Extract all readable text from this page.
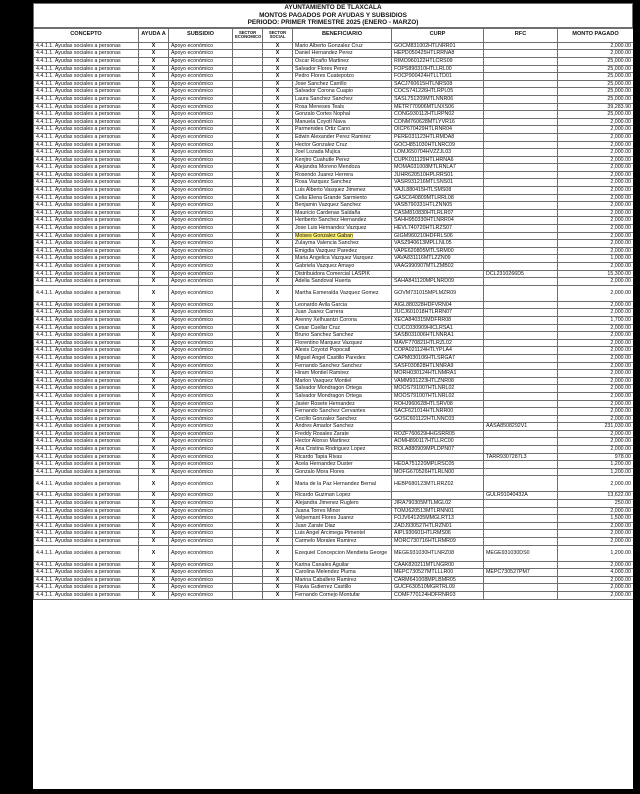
AYUNTAMIENTO DE TLAXCALA
MONTOS PAGADOS POR AYUDAS Y SUBSIDIOS
PERIODO: PRIMER TRIMESTRE 2025 (ENERO - MARZO)
CONCEPTO	AYUDA A	SUBSIDIO	SECTOR ECONOMICO	SECTOR SOCIAL	BENEFICIARIO	CURP	RFC	MONTO PAGADO
4.4.1.1. Ayudas sociales a personas	X	Apoyo económico		X	Mario Alberto Gonzalez Cruz	GOCM831002HTLNRR01		2,000.00
4.4.1.1. Ayudas sociales a personas	X	Apoyo económico		X	Daniel Hernandez Perez	HEPD050425HTLRRNA8		2,000.00
4.4.1.1. Ayudas sociales a personas	X	Apoyo económico		X	Oscar Ricaño Martinez	RIMO960122HTLCRS09		25,000.00
4.4.1.1. Ayudas sociales a personas	X	Apoyo económico		X	Salvador Flores Perez	FOPS890310HTLLRL00		25,000.00
4.4.1.1. Ayudas sociales a personas	X	Apoyo económico		X	Pedro Flores Cuatepotzo	FOCP900424HTLLTD01		25,000.00
4.4.1.1. Ayudas sociales a personas	X	Apoyo económico		X	Jose Sanchez Carrillo	SACJ760615HTLNRS08		25,000.00
4.4.1.1. Ayudas sociales a personas	X	Apoyo económico		X	Salvador Corona Cuapio	COCS741226HTLRPL05		25,000.00
4.4.1.1. Ayudas sociales a personas	X	Apoyo económico		X	Laura Sanchez Sanchez	SASL751209MTLNNR06		25,000.00
4.4.1.1. Ayudas sociales a personas	X	Apoyo económico		X	Rosa Meneses Teals	METR770906MTLNXS06		39,283.90
4.4.1.1. Ayudas sociales a personas	X	Apoyo económico		X	Gonzalo Cortes Nophal	CONG930112HTLRPN02		25,000.00
4.4.1.1. Ayudas sociales a personas	X	Apoyo económico		X	Manuela Coyotl Nava	CONM760628MTLYVR16		2,000.00
4.4.1.1. Ayudas sociales a personas	X	Apoyo económico		X	Parmenides Ortiz Cano	OICP670429HTLRNR04		2,000.00
4.4.1.1. Ayudas sociales a personas	X	Apoyo económico		X	Edwin Alexander Perez Ramirez	PERE031123HTLRMDA8		2,000.00
4.4.1.1. Ayudas sociales a personas	X	Apoyo económico		X	Hector Gonzalez Cruz	GOCH851030HTLNRC09		2,000.00
4.4.1.1. Ayudas sociales a personas	X	Apoyo económico		X	Joel Lozada Mujica	LOMJ650704HVZZJL03		2,000.00
4.4.1.1. Ayudas sociales a personas	X	Apoyo económico		X	Kenjiro Cuahutle Perez	CUPK011129HTLHRNA6		2,000.00
4.4.1.1. Ayudas sociales a personas	X	Apoyo económico		X	Alejandra Moreno Mendoza	MOMA031008MTLRNLA7		2,000.00
4.4.1.1. Ayudas sociales a personas	X	Apoyo económico		X	Rosendo Juarez Herrera	JUHR620510HPLRRS01		2,000.00
4.4.1.1. Ayudas sociales a personas	X	Apoyo económico		X	Rosa Vazquez Sanchez	VASR931216MTLSNS01		2,000.00
4.4.1.1. Ayudas sociales a personas	X	Apoyo económico		X	Luis Alberto Vasquez Jimenez	VAJL880415HTLSMS08		2,000.00
4.4.1.1. Ayudas sociales a personas	X	Apoyo económico		X	Celia Elena Grande Sarmiento	GASC640809MTLRRL08		2,000.00
4.4.1.1. Ayudas sociales a personas	X	Apoyo económico		X	Benjamin Vazquez Sanchez	VASB790331HTLZNN05		2,000.00
4.4.1.1. Ayudas sociales a personas	X	Apoyo económico		X	Mauricio Cardenas Saldaña	CASM810830HTLRLR07		2,000.00
4.4.1.1. Ayudas sociales a personas	X	Apoyo económico		X	Heriberto Sanchez Hernandez	SAHH950330HTLNRR04		2,000.00
4.4.1.1. Ayudas sociales a personas	X	Apoyo económico		X	Jose Luis Hernandez Vazquez	HEVL740720HTLRZS07		2,000.00
4.4.1.1. Ayudas sociales a personas	X	Apoyo económico		X	Moises Gonzalez Gaban	GIGM960210HDFRLS06		2,000.00
4.4.1.1. Ayudas sociales a personas	X	Apoyo económico		X	Zulayma Valencia Sanchez	VASZ940613MPLLNL05		2,000.00
4.4.1.1. Ayudas sociales a personas	X	Apoyo económico		X	Emigdia Vazquez Paredez	VAPE620805MTLSRM00		2,000.00
4.4.1.1. Ayudas sociales a personas	X	Apoyo económico		X	Maria Angelica Vazquez Vazquez	VAVA831116MTLZZN09		1,000.00
4.4.1.1. Ayudas sociales a personas	X	Apoyo económico		X	Gabriela Vazquez Amayo	VAAG990907MTLZMB02		2,000.00
4.4.1.1. Ayudas sociales a personas	X	Apoyo económico		X	Distribuidora Comercial LASPIK		DCL2310266D5	15,300.00
4.4.1.1. Ayudas sociales a personas	X	Apoyo económico		X	Adelia Sandoval Huerta	SAHA841120MPLNRD09		2,000.00
4.4.1.1. Ayudas sociales a personas	X	Apoyo económico		X	Martha Esmeralda Vazquez Gomez	GOVM731015MPLMZR09		2,000.00
4.4.1.1. Ayudas sociales a personas	X	Apoyo económico		X	Leonardo Avila Garcia	AIGL880328HDFVRN04		2,000.00
4.4.1.1. Ayudas sociales a personas	X	Apoyo económico		X	Juan Juarez Carrera	JUCJ601018HTLRRN07		2,000.00
4.4.1.1. Ayudas sociales a personas	X	Apoyo económico		X	Arenny Xelhuantzi Corona	XECA840315MDFRR08		1,700.00
4.4.1.1. Ayudas sociales a personas	X	Apoyo económico		X	Cesar Cuellar Cruz	CUCC030909HICLRSA1		2,000.00
4.4.1.1. Ayudas sociales a personas	X	Apoyo económico		X	Bruno Sanchez Sanchez	SASB031006HTLNNRA1		2,000.00
4.4.1.1. Ayudas sociales a personas	X	Apoyo económico		X	Florentino Marquez Vazquez	MAVF770821HTLRZL02		2,000.00
4.4.1.1. Ayudas sociales a personas	X	Apoyo económico		X	Alexis Coyotzi Popocatl	COPA021124HTLYPLA4		2,000.00
4.4.1.1. Ayudas sociales a personas	X	Apoyo económico		X	Miguel Angel Castillo Paredes	CAPM030106HTLSRGA7		2,000.00
4.4.1.1. Ayudas sociales a personas	X	Apoyo económico		X	Fernando Sanchez Sanchez	SASF030828HTLNNRA9		2,000.00
4.4.1.1. Ayudas sociales a personas	X	Apoyo económico		X	Hiram Montiel Ramirez	MORH030124HTLNMRA1		2,000.00
4.4.1.1. Ayudas sociales a personas	X	Apoyo económico		X	Marlon Vasquez Montiel	VAMM931223HTLZNR08		2,000.00
4.4.1.1. Ayudas sociales a personas	X	Apoyo económico		X	Salvador Mondragon Ortega	MOOS791007HTLNRL02		2,000.00
4.4.1.1. Ayudas sociales a personas	X	Apoyo económico		X	Salvador Mondragon Ortega	MOOS791007HTLNRL02		2,000.00
4.4.1.1. Ayudas sociales a personas	X	Apoyo económico		X	Javier Rosete Hernandez	ROHJ960628HTLSRV08		2,000.00
4.4.1.1. Ayudas sociales a personas	X	Apoyo económico		X	Fernando Sanchez Cervantes	SACF621014HTLNRR00		2,000.00
4.4.1.1. Ayudas sociales a personas	X	Apoyo económico		X	Cecilio Gonzalez Sanchez	GOSC601122HTLNNC03		2,000.00
4.4.1.1. Ayudas sociales a personas	X	Apoyo económico		X	Andres Amador Sanchez		AASA8508292V1	231,030.00
4.4.1.1. Ayudas sociales a personas	X	Apoyo económico		X	Freddy Rosales Zarate	ROZF760629HHGSRR05		2,000.00
4.4.1.1. Ayudas sociales a personas	X	Apoyo económico		X	Hector Alonso Martinez	AOMH890117HTLLRC00		2,000.00
4.4.1.1. Ayudas sociales a personas	X	Apoyo económico		X	Ana Cristina Rodriguez Lopez	ROLA880909MPLDPN07		2,000.00
4.4.1.1. Ayudas sociales a personas	X	Apoyo económico		X	Ricardo Tapia Rivas		TARR9307287L3	978.00
4.4.1.1. Ayudas sociales a personas	X	Apoyo económico		X	Acela Hernandez Duster	HEDA751220MPLRSC05		1,200.00
4.4.1.1. Ayudas sociales a personas	X	Apoyo económico		X	Gonzalo Mora Flores	MOFG670526HTLRLN00		1,200.00
4.4.1.1. Ayudas sociales a personas	X	Apoyo económico		X	Maria de la Paz Hernandez Bernal	HEBP680123MTLRRZ02		2,000.00
4.4.1.1. Ayudas sociales a personas	X	Apoyo económico		X	Ricardo Guzman Lopez		GULR91040432A	13,622.00
4.4.1.1. Ayudas sociales a personas	X	Apoyo económico		X	Alejandra Jimenez Ruglero	JIRA790305MTLMGL02		250.00
4.4.1.1. Ayudas sociales a personas	X	Apoyo económico		X	Juana Torres Minor	TOMJ620513MTLRNN01		2,000.00
4.4.1.1. Ayudas sociales a personas	X	Apoyo económico		X	Velpemant Flores Juarez	FOJV641205MMGLRT13		1,500.00
4.4.1.1. Ayudas sociales a personas	X	Apoyo económico		X	Juan Zarate Diaz	ZADJ930527HTLRZN01		2,000.00
4.4.1.1. Ayudas sociales a personas	X	Apoyo económico		X	Luis Angel Arcimega Pimentel	AIPL930601HTLRMS06		2,000.00
4.4.1.1. Ayudas sociales a personas	X	Apoyo económico		X	Carmelo Morales Ramirez	MORC730716HTLRMR09		2,000.00
4.4.1.1. Ayudas sociales a personas	X	Apoyo económico		X	Ezequiel Concepcion Mendieta George	MEGE931030HTLNRZ08	MEGE931030DS0	1,200.00
4.4.1.1. Ayudas sociales a personas	X	Apoyo económico		X	Karina Canales Aguilar	CAAK820211MTLNGR00		2,000.00
4.4.1.1. Ayudas sociales a personas	X	Apoyo económico		X	Carolina Melendez Pluma	MEPC730527MTLLLR00	MEPC730527PM7	4,000.00
4.4.1.1. Ayudas sociales a personas	X	Apoyo económico		X	Marina Caballero Ramirez	CARM641008MPLBMR05		2,000.00
4.4.1.1. Ayudas sociales a personas	X	Apoyo económico		X	Flavia Gutierrez Castillo	GUCF630510MGRTRL09		2,000.00
4.4.1.1. Ayudas sociales a personas	X	Apoyo económico		X	Fernando Cornejo Montufar	COMF770124HDFRNR03		2,000.00
